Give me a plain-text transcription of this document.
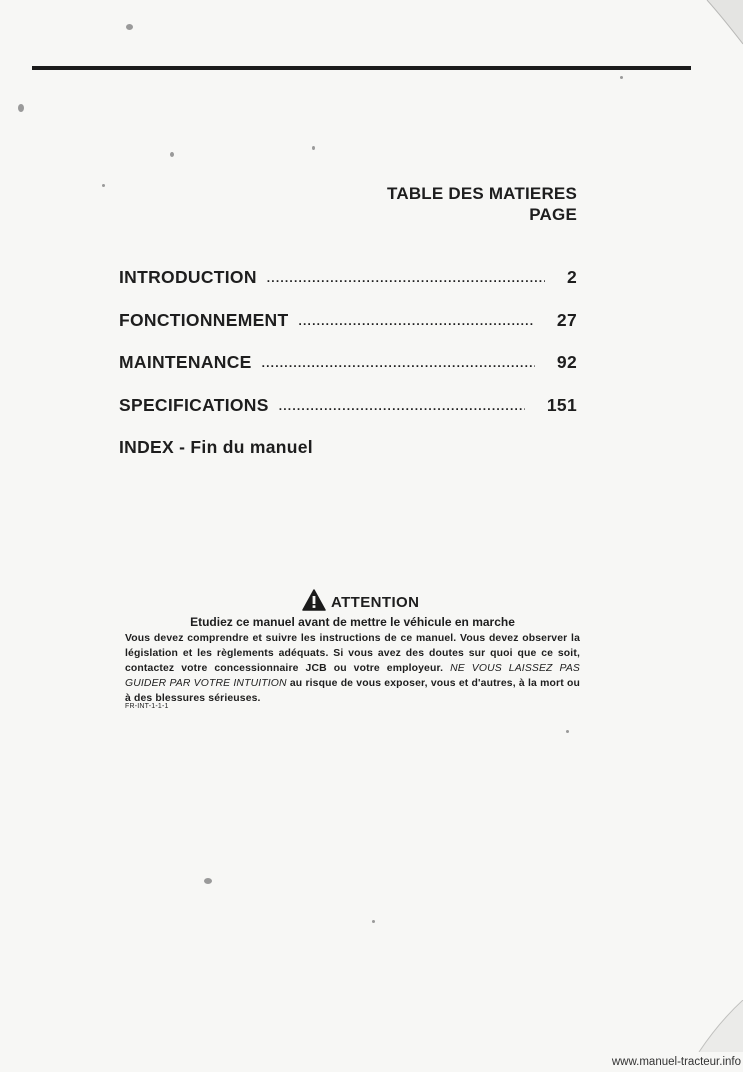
TABLE DES MATIERES
PAGE
INTRODUCTION .....	2
FONCTIONNEMENT .....	27
MAINTENANCE .....	92
SPECIFICATIONS .....	151
INDEX - Fin du manuel
ATTENTION
Etudiez ce manuel avant de mettre le véhicule en marche
Vous devez comprendre et suivre les instructions de ce manuel. Vous devez observer la législation et les règlements adéquats. Si vous avez des doutes sur quoi que ce soit, contactez votre concessionnaire JCB ou votre employeur. NE VOUS LAISSEZ PAS GUIDER PAR VOTRE INTUITION au risque de vous exposer, vous et d'autres, à la mort ou à des blessures sérieuses.
FR-INT-1-1-1
www.manuel-tracteur.info
